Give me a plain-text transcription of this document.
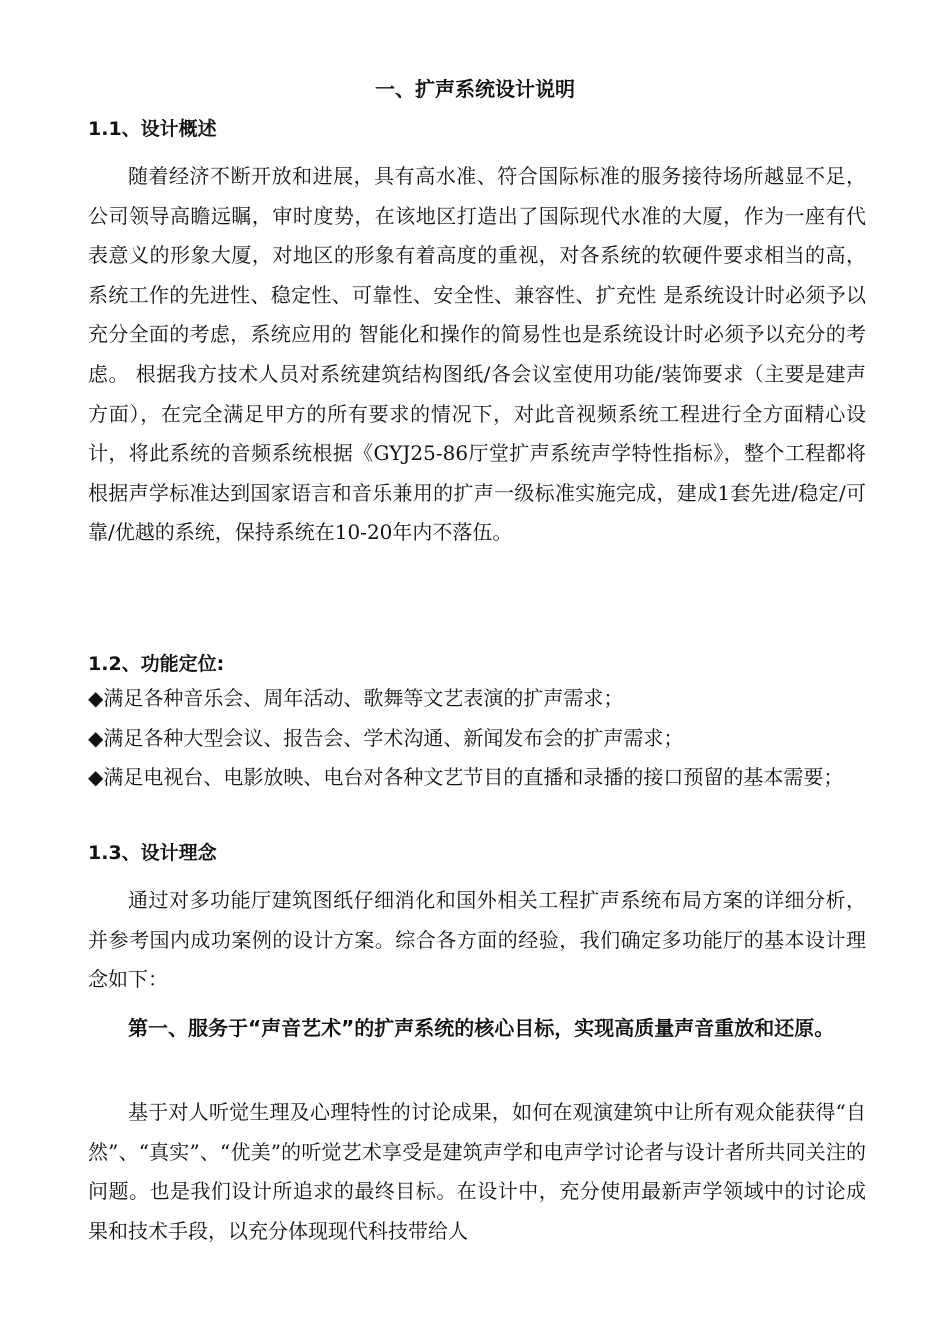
一、扩声系统设计说明
1.1、设计概述

随着经济不断开放和进展，具有高水准、符合国际标准的服务接待场所越显不足，公司领导高瞻远瞩，审时度势，在该地区打造出了国际现代水准的大厦，作为一座有代表意义的形象大厦，对地区的形象有着高度的重视，对各系统的软硬件要求相当的高，系统工作的先进性、稳定性、可靠性、安全性、兼容性、扩充性 是系统设计时必须予以充分全面的考虑，系统应用的 智能化和操作的简易性也是系统设计时必须予以充分的考虑。 根据我方技术人员对系统建筑结构图纸/各会议室使用功能/装饰要求（主要是建声方面），在完全满足甲方的所有要求的情况下，对此音视频系统工程进行全方面精心设计，将此系统的音频系统根据《GYJ25-86厅堂扩声系统声学特性指标》，整个工程都将根据声学标准达到国家语言和音乐兼用的扩声一级标准实施完成，建成1套先进/稳定/可靠/优越的系统，保持系统在10-20年内不落伍。

1.2、功能定位:
◆满足各种音乐会、周年活动、歌舞等文艺表演的扩声需求；
◆满足各种大型会议、报告会、学术沟通、新闻发布会的扩声需求；
◆满足电视台、电影放映、电台对各种文艺节目的直播和录播的接口预留的基本需要；
1.3、设计理念

通过对多功能厅建筑图纸仔细消化和国外相关工程扩声系统布局方案的详细分析，并参考国内成功案例的设计方案。综合各方面的经验，我们确定多功能厅的基本设计理念如下：

第一、服务于“声音艺术”的扩声系统的核心目标，实现高质量声音重放和还原。

基于对人听觉生理及心理特性的讨论成果，如何在观演建筑中让所有观众能获得“自然”、“真实”、“优美”的听觉艺术享受是建筑声学和电声学讨论者与设计者所共同关注的问题。也是我们设计所追求的最终目标。在设计中，充分使用最新声学领域中的讨论成果和技术手段，以充分体现现代科技带给人
